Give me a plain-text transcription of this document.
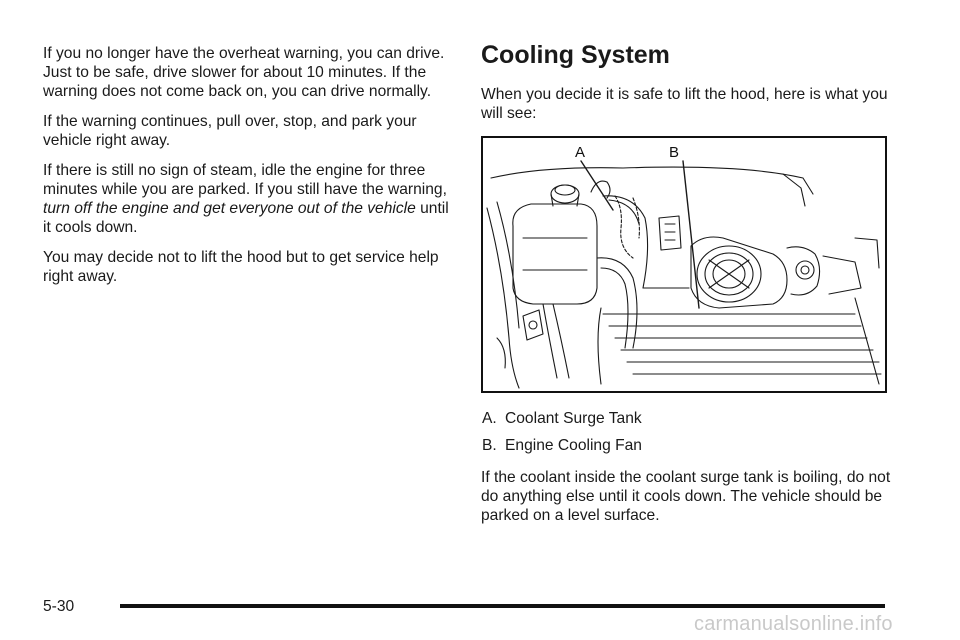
If you no longer have the overheat warning, you can drive. Just to be safe, drive slower for about 10 minutes. If the warning does not come back on, you can drive normally.

If the warning continues, pull over, stop, and park your vehicle right away.

If there is still no sign of steam, idle the engine for three minutes while you are parked. If you still have the warning, turn off the engine and get everyone out of the vehicle until it cools down.

You may decide not to lift the hood but to get service help right away.

Cooling System

When you decide it is safe to lift the hood, here is what you will see:

A	B
A. Coolant Surge Tank
B. Engine Cooling Fan

If the coolant inside the coolant surge tank is boiling, do not do anything else until it cools down. The vehicle should be parked on a level surface.

5-30
carmanualsonline.info
